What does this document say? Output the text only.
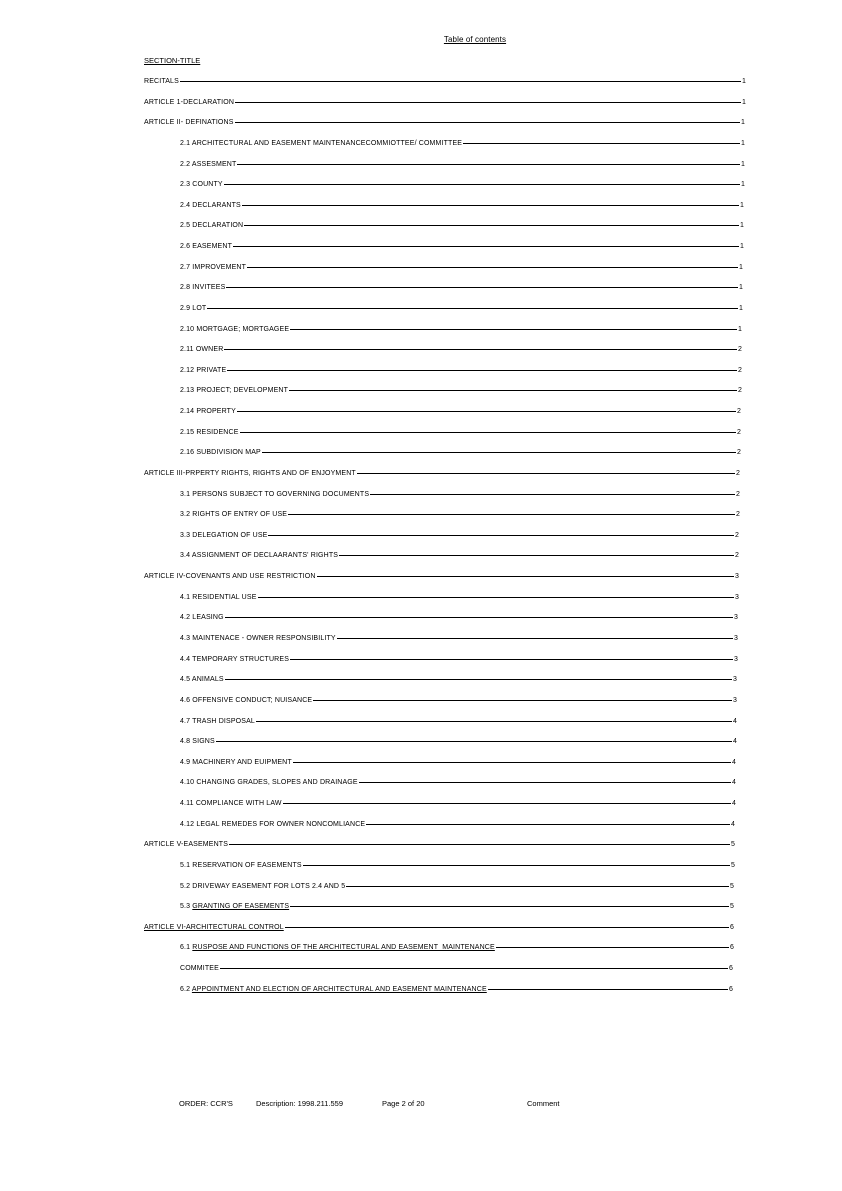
Table of contents
SECTION-TITLE
RECITALS	1
ARTICLE 1-DECLARATION	1
ARTICLE II- DEFINATIONS	1
2.1 ARCHITECTURAL AND EASEMENT MAINTENANCECOMMIOTTEE/ COMMITTEE	1
2.2 ASSESMENT	1
2.3 COUNTY	1
2.4 DECLARANTS	1
2.5 DECLARATION	1
2.6 EASEMENT	1
2.7 IMPROVEMENT	1
2.8 INVITEES	1
2.9 LOT	1
2.10 MORTGAGE; MORTGAGEE	1
2.11 OWNER	2
2.12 PRIVATE	2
2.13 PROJECT; DEVELOPMENT	2
2.14 PROPERTY	2
2.15 RESIDENCE	2
2.16 SUBDIVISION MAP	2
ARTICLE III-PRPERTY RIGHTS, RIGHTS AND OF ENJOYMENT	2
3.1 PERSONS SUBJECT TO GOVERNING DOCUMENTS	2
3.2 RIGHTS OF ENTRY OF USE	2
3.3 DELEGATION OF USE	2
3.4 ASSIGNMENT OF DECLAARANTS' RIGHTS	2
ARTICLE IV-COVENANTS AND USE RESTRICTION	3
4.1 RESIDENTIAL USE	3
4.2 LEASING	3
4.3 MAINTENACE - OWNER RESPONSIBILITY	3
4.4 TEMPORARY STRUCTURES	3
4.5 ANIMALS	3
4.6 OFFENSIVE CONDUCT; NUISANCE	3
4.7 TRASH DISPOSAL	4
4.8 SIGNS	4
4.9 MACHINERY AND EUIPMENT	4
4.10 CHANGING GRADES, SLOPES AND DRAINAGE	4
4.11 COMPLIANCE WITH LAW	4
4.12 LEGAL REMEDES FOR OWNER NONCOMLIANCE	4
ARTICLE V-EASEMENTS	5
5.1 RESERVATION OF EASEMENTS	5
5.2 DRIVEWAY EASEMENT FOR LOTS 2.4 AND 5	5
5.3 GRANTING OF EASEMENTS	5
ARTICLE VI-ARCHITECTURAL CONTROL	6
6.1 RUSPOSE AND FUNCTIONS OF THE ARCHITECTURAL AND EASEMENT_MAINTENANCE	6
COMMITEE	6
6.2 APPOINTMENT AND ELECTION OF ARCHITECTURAL AND EASEMENT MAINTENANCE	6
ORDER: CCR'S	Description: 1998.211.559	Page 2 of 20	Comment
